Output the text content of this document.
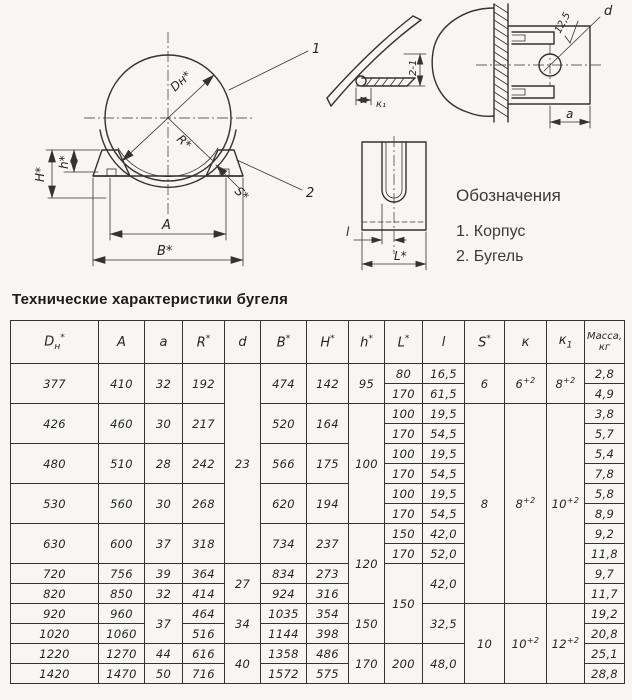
Dн*
R*
S*
H*
h*
A
B*
1
2
к₁
2-1
d
12,5
a
l
L*
Обозначения
1. Корпус
2. Бугель
Технические характеристики бугеля
$D_н^*$	A	a	R*	d	B*	H*	h*	L*	l	S*	к	$к_1$	Масса,
кг
377	410	32	192	23	474	142	95	80	16,5	6	$6^{+2}$	$8^{+2}$	2,8
								170	61,5				4,9
426	460	30	217		520	164	100	100	19,5	8	$8^{+2}$	$10^{+2}$	3,8
								170	54,5				5,7
480	510	28	242		566	175		100	19,5				5,4
								170	54,5				7,8
530	560	30	268		620	194		100	19,5				5,8
								170	54,5				8,9
630	600	37	318		734	237	120	150	42,0				9,2
								170	52,0				11,8
720	756	39	364	27	834	273		150	42,0				9,7
820	850	32	414		924	316							11,7
920	960	37	464	34	1035	354	150		32,5	10	$10^{+2}$	$12^{+2}$	19,2
1020	1060		516		1144	398							20,8
1220	1270	44	616	40	1358	486	170	200	48,0				25,1
1420	1470	50	716		1572	575							28,8
